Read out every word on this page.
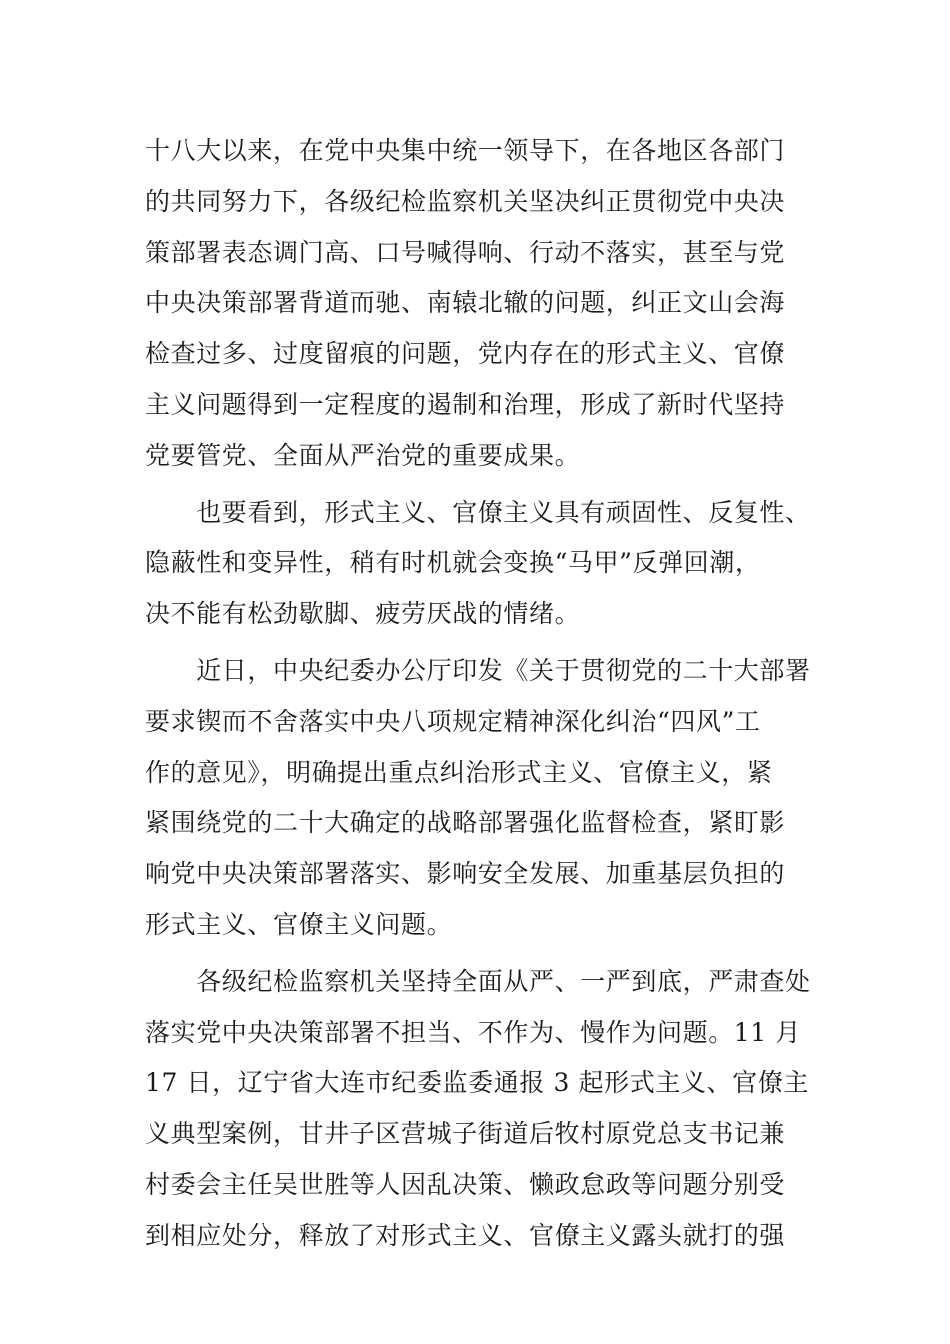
十八大以来，在党中央集中统一领导下，在各地区各部门
的共同努力下，各级纪检监察机关坚决纠正贯彻党中央决
策部署表态调门高、口号喊得响、行动不落实，甚至与党
中央决策部署背道而驰、南辕北辙的问题，纠正文山会海
检查过多、过度留痕的问题，党内存在的形式主义、官僚
主义问题得到一定程度的遏制和治理，形成了新时代坚持
党要管党、全面从严治党的重要成果。

　　也要看到，形式主义、官僚主义具有顽固性、反复性、
隐蔽性和变异性，稍有时机就会变换“马甲”反弹回潮，
决不能有松劲歇脚、疲劳厌战的情绪。

　　近日，中央纪委办公厅印发《关于贯彻党的二十大部署
要求锲而不舍落实中央八项规定精神深化纠治“四风”工
作的意见》，明确提出重点纠治形式主义、官僚主义，紧
紧围绕党的二十大确定的战略部署强化监督检查，紧盯影
响党中央决策部署落实、影响安全发展、加重基层负担的
形式主义、官僚主义问题。

　　各级纪检监察机关坚持全面从严、一严到底，严肃查处
落实党中央决策部署不担当、不作为、慢作为问题。11 月
17 日，辽宁省大连市纪委监委通报 3 起形式主义、官僚主
义典型案例，甘井子区营城子街道后牧村原党总支书记兼
村委会主任吴世胜等人因乱决策、懒政怠政等问题分别受
到相应处分，释放了对形式主义、官僚主义露头就打的强
